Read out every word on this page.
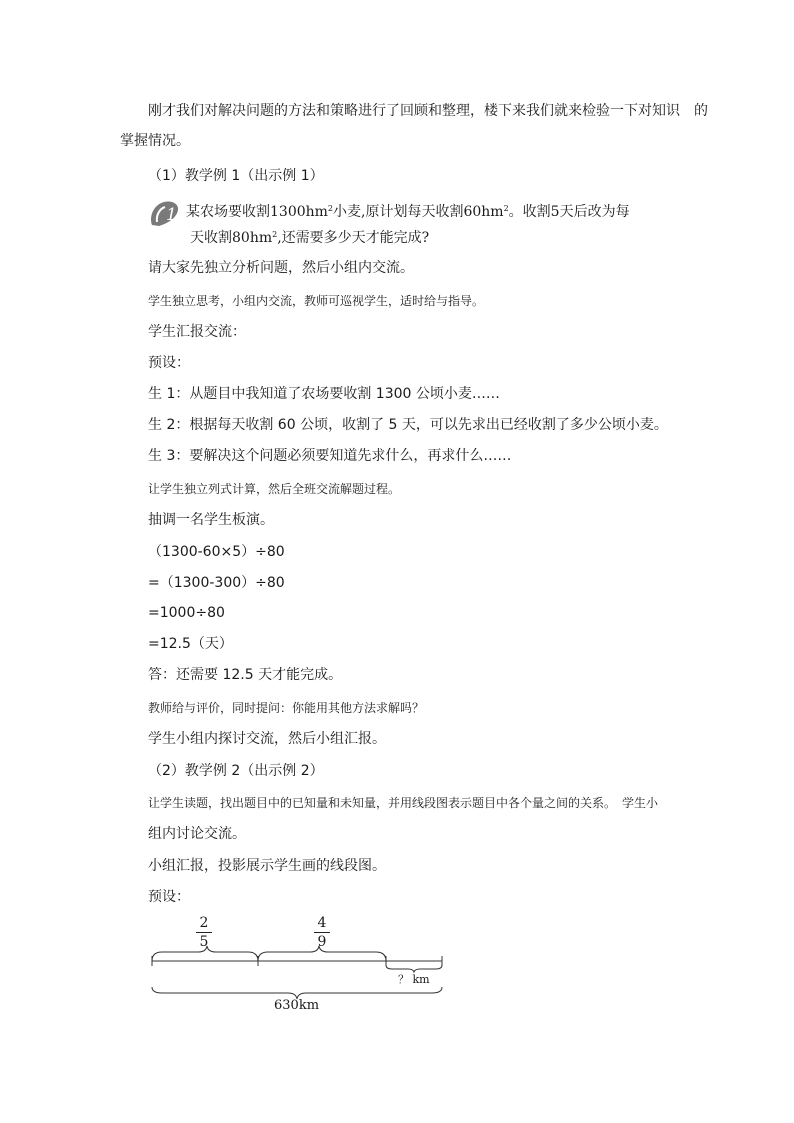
刚才我们对解决问题的方法和策略进行了回顾和整理，楼下来我们就来检验一下对知识　的
掌握情况。
（1）教学例 1（出示例 1）
1 某农场要收割$1300hm^2$小麦,原计划每天收割$60hm^2$。收割5天后改为每
天收割$80hm^2$,还需要多少天才能完成?
请大家先独立分析问题，然后小组内交流。
学生独立思考，小组内交流，教师可巡视学生，适时给与指导。
学生汇报交流：
预设：
生 1：从题目中我知道了农场要收割 1300 公顷小麦……
生 2：根据每天收割 60 公顷，收割了 5 天，可以先求出已经收割了多少公顷小麦。
生 3：要解决这个问题必须要知道先求什么，再求什么……
让学生独立列式计算，然后全班交流解题过程。
抽调一名学生板演。
（1300-60×5）÷80
=（1300-300）÷80
=1000÷80
=12.5（天）
答：还需要 12.5 天才能完成。
教师给与评价，同时提问：你能用其他方法求解吗？
学生小组内探讨交流，然后小组汇报。
（2）教学例 2（出示例 2）
让学生读题，找出题目中的已知量和未知量，并用线段图表示题目中各个量之间的关系。　学生小
组内讨论交流。
小组汇报，投影展示学生画的线段图。
预设：
2
5
4
9
？ km
630km
